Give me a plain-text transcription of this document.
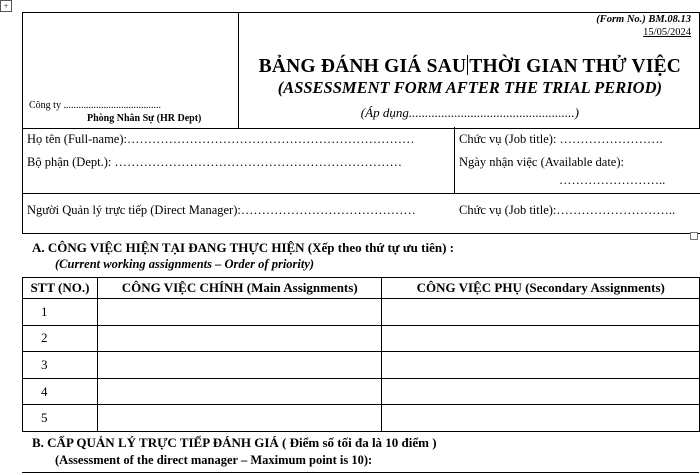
+
Công ty .......................................
Phòng Nhân Sự (HR Dept)

(Form No.) BM.08.13
15/05/2024
BẢNG ĐÁNH GIÁ SAU THỜI GIAN THỬ VIỆC
(ASSESSMENT FORM AFTER THE TRIAL PERIOD)
(Áp dụng...................................................)
Họ tên (Full-name):……………………………………………………………
Bộ phận (Dept.): ……………………………………………………………
Chức vụ (Job title): …………………….
Ngày nhận việc (Available date):
……………………..
Người Quản lý trực tiếp (Direct Manager):……………………………………	Chức vụ (Job title):………………………..
A. CÔNG VIỆC HIỆN TẠI ĐANG THỰC HIỆN (Xếp theo thứ tự ưu tiên) :
(Current working assignments – Order of priority)
STT (NO.)	CÔNG VIỆC CHÍNH (Main Assignments)	CÔNG VIỆC PHỤ (Secondary Assignments)
1		
2		
3		
4		
5		
B. CẤP QUẢN LÝ TRỰC TIẾP ĐÁNH GIÁ ( Điểm số tối đa là 10 điểm )
(Assessment of the direct manager – Maximum point is 10):
